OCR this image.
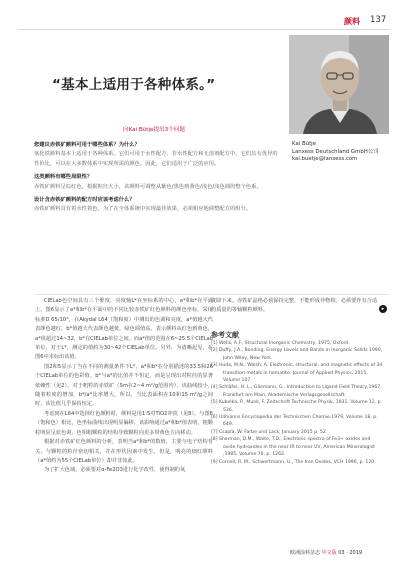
颜料 137
“基本上适用于各种体系。”
向Kai Bütje提出3个问题
您建议赤铁矿颜料可用于哪些体系？为什么？

氧化铁颜料基本上适用于各种体系。它们可用于水性配方、非水性配方和无溶剂配方中。它们具有优异的性价比，可以在大多数体系中实现所需的颜色。因此，它们适用于广泛的应用。

这类颜料有哪些局限性？

赤铁矿颜料呈棕红色，根据粒径大小，该颜料可调整从紫色/黑色到黄色/浅色/浅色调的整个色系。

设计含赤铁矿颜料的配方时应该考虑什么？

赤铁矿颜料具有着水性着色，为了在全体系统中实现最佳效果，必须相应地调整配方的组分。

Kai Bütje
Lanxess Deutschland GmbH公司
kai.buetje@lanxess.com

CIELab色空间具有三个维度，亮度轴L*在坐标系的中心，a*和b*在平面上。图6显示了a*和b*在平面中的不同比较赤铁矿红色颜料的颜色坐标。采用标准D 65/10°，在Akydal L64（饱和度）中测出的色调和亮度，a*值越大代表颜色越红，b*值越大代表颜色越黄。绿色调值高，表示颜料从红色到黄色，a*值超过14~32，b*在CIELab单位之间。而a*值的范围在6~25.5个CIELab单位，对于L*，测定的值约为30~42个CIELab单位。另外，为清晰起见，在图6中未标出该值。

图2和5显示了当在不同的测量条件下L*、a*和b*在分别描述的33.5和26个CIELab单位的色彩值。b*与a*的比值并不恒定，而是呈现出对粒径的显著依赖性（见2）。对于粗粒的赤铁矿（Sm在2~4 m²/g范围内），该曲线较小，随着粒度的增加，b*/a*比率增大。所以，当比表面积在10和15 m²/g之间时，该比值几乎保持恒定。

考虑到在L64中选择红色颜料时，颜料是用1:5对TiO2冲淡（见8），与图6（饱和色）相比，色坐标曲线出现明显偏移，该影响通过a*和b*值表明，粗颗粒明显呈蓝色调，色相粗颗粒的结构导致颗粒向更多带黄色方向移动。

根据对赤铁矿红色颜料的分析，表明当a*和b*的数值，主要与电子结构有关，与颗粒的粒径密切相关，并在形状因素中发生，但是，明亮的细红颜料（a*值约为55个CIELab单位）却并非如此。

为了扩大色域，必须要对α-Fe2O3进行化学改性，使得制的氧

度降下来。赤铁矿晶格必须保持完整，不能形成异物相。必须要作有合适的质量的等轴颗粒颜料。	▸
参考文献
[1] Wells, A.F., Structural Inorganic Chemistry, 1975, Oxford.
[2] Duffy, J.A., Bonding, Energy Levels and Bands in Inorganic Solids 1990, John Wiley, New York.
[3] Huda, M.N., Walsh, A. Electronic, structural, and magnetic effects of 3d transition metals in hematite. Journal of Applied Physics, 2015, Volume 107.
[4] Schläfer, H. L., Gliemann, G., Introduction to Ligand Field Theory,1967, Frankfurt am Main, Akademische Verlagsgesellschaft.
[5] Kubelka, P., Munk, F. Zeitschrift Technische Physik, 1931, Volume 12, p. 536.
[6] Ullmanns Encyclopedia der Technischen Chemie,1979, Volume 18, p. 649.
[7] Csapla, W. Farbe und Lack, January 2015 p. 52
[8] Sherman, D.M., Waite, T.D., Electronic spectra of Fe3+ oxides and oxide hydroxides in the near IR to near UV, American Mineralogist ,1985, Volume 70, p. 1262.
[9] Cornell, R. M., Schwertmann, U., The Iron Oxides, VCH 1996, p. 120.
欧洲涂料杂志 中文版 03 · 2019
